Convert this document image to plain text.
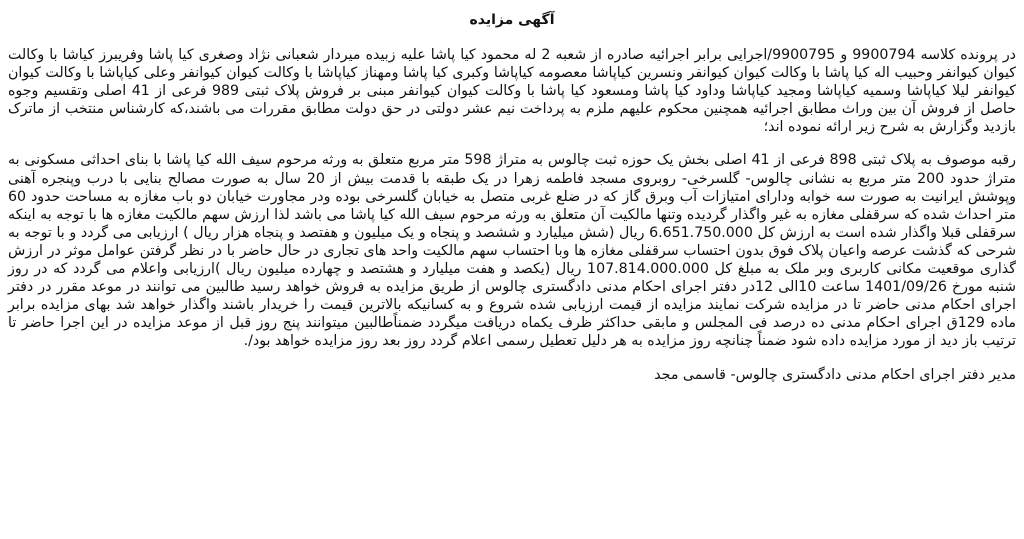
آگهی مزایده

در پرونده کلاسه 9900794 و 9900795/اجرایی برابر اجرائیه صادره از شعبه 2 له محمود کیا پاشا علیه زبیده میردار شعبانی نژاد وصغری کیا پاشا وفریبرز کیاشا با وکالت کیوان کیوانفر وحبیب اله کیا پاشا با وکالت کیوان کیوانفر ونسرین کیاپاشا معصومه کیاپاشا وکبری کیا پاشا ومهناز کیاپاشا با وکالت کیوان کیوانفر وعلی کیاپاشا با وکالت کیوان کیوانفر لیلا کیاپاشا وسمیه کیاپاشا ومجید کیاپاشا وداود کیا پاشا ومسعود کیا پاشا با وکالت کیوان کیوانفر مبنی بر فروش پلاک ثبتی 989 فرعی از 41 اصلی وتقسیم وجوه حاصل از فروش آن بین وراث مطابق اجرائیه همچنین محکوم علیهم ملزم به پرداخت نیم عشر دولتی در حق دولت مطابق مقررات می باشند،که کارشناس منتخب از ماترک بازدید وگزارش به شرح زیر ارائه نموده اند؛

رقبه موصوف به پلاک ثبتی 898 فرعی از 41 اصلی بخش یک حوزه ثبت چالوس به متراژ 598 متر مربع متعلق به ورثه مرحوم سیف الله کیا پاشا با بنای احداثی مسکونی به متراژ حدود 200 متر مربع به نشانی چالوس- گلسرخی- روبروی مسجد فاطمه زهرا در یک طبقه با قدمت بیش از 20 سال به صورت مصالح بنایی با درب وپنجره آهنی وپوشش ایرانیت به صورت سه خوابه ودارای امتیازات آب وبرق گاز که در ضلع غربی متصل به خیابان گلسرخی بوده ودر مجاورت خیابان دو باب مغازه به مساحت حدود 60 متر احداث شده که سرقفلی مغازه به غیر واگذار گردیده وتنها مالکیت آن متعلق به ورثه مرحوم سیف الله کیا پاشا می باشد لذا ارزش سهم مالکیت مغازه ها با توجه به اینکه سرقفلی قبلا واگذار شده است به ارزش کل 6.651.750.000 ریال (شش میلیارد و ششصد و پنجاه و یک میلیون و هفتصد و پنجاه هزار ریال ) ارزیابی می گردد و با توجه به شرحی که گذشت عرصه واعیان پلاک فوق بدون احتساب سرقفلی مغازه ها وبا احتساب سهم مالکیت واحد های تجاری در حال حاضر با در نظر گرفتن عوامل موثر در ارزش گذاری موقعیت مکانی کاربری وبر ملک به مبلغ کل 107.814.000.000 ریال (یکصد و هفت میلیارد و هشتصد و چهارده میلیون ریال )ارزیابی واعلام می گردد که در روز شنبه مورخ 1401/09/26 ساعت 10الی 12در دفتر اجرای احکام مدنی دادگستری چالوس از طریق مزایده به فروش خواهد رسید طالبین می توانند در موعد مقرر در دفتر اجرای احکام مدنی حاضر تا در مزایده شرکت نمایند مزایده از قیمت ارزیابی شده شروع و به کسانیکه بالاترین قیمت را خریدار باشند واگذار خواهد شد بهای مزایده برابر ماده 129ق اجرای احکام مدنی ده درصد فی المجلس و مابقی حداکثر ظرف یکماه دریافت میگردد ضمناًطالبین میتوانند پنج روز قبل از موعد مزایده در این اجرا حاضر تا ترتیب باز دید از مورد مزایده داده شود ضمناً چنانچه روز مزایده به هر دلیل تعطیل رسمی اعلام گردد روز بعد روز مزایده خواهد بود/.

مدیر دفتر اجرای احکام مدنی دادگستری چالوس- قاسمی مجد
